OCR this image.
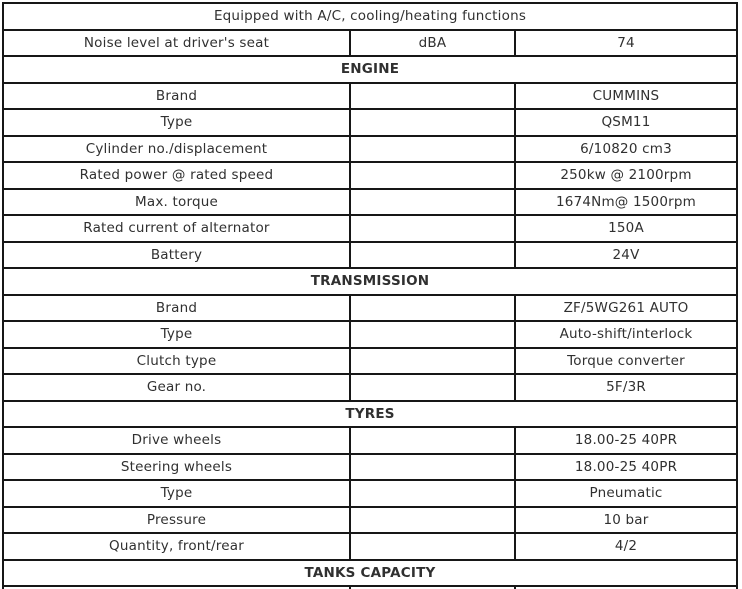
Equipped with A/C, cooling/heating functions		
Noise level at driver's seat	dBA	74
ENGINE		
Brand		CUMMINS
Type		QSM11
Cylinder no./displacement		6/10820 cm3
Rated power @ rated speed		250kw @ 2100rpm
Max. torque		1674Nm@ 1500rpm
Rated current of alternator		150A
Battery		24V
TRANSMISSION		
Brand		ZF/5WG261 AUTO
Type		Auto-shift/interlock
Clutch type		Torque converter
Gear no.		5F/3R
TYRES		
Drive wheels		18.00-25 40PR
Steering wheels		18.00-25 40PR
Type		Pneumatic
Pressure		10 bar
Quantity, front/rear		4/2
TANKS CAPACITY		
